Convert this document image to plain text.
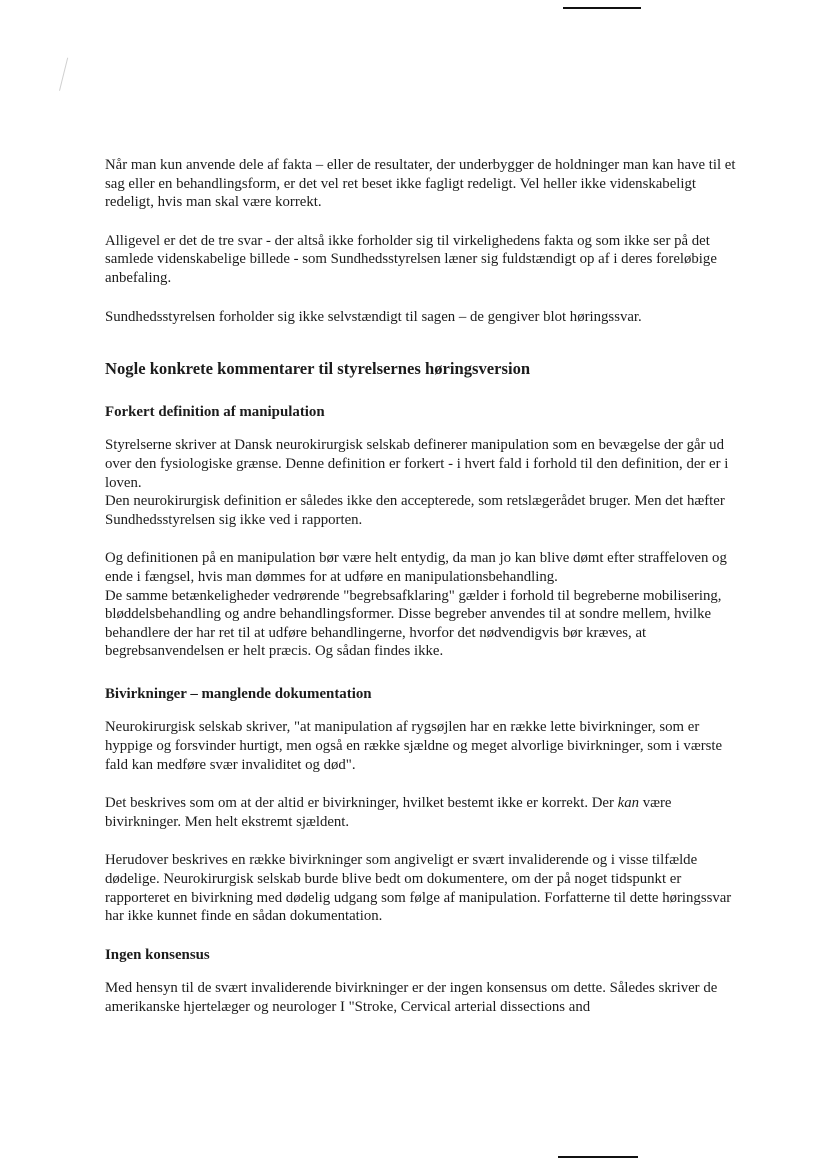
Når man kun anvende dele af fakta – eller de resultater, der underbygger de holdninger man kan have til et sag eller en behandlingsform, er det vel ret beset ikke fagligt redeligt. Vel heller ikke videnskabeligt redeligt, hvis man skal være korrekt.

Alligevel er det de tre svar - der altså ikke forholder sig til virkelighedens fakta og som ikke ser på det samlede videnskabelige billede - som Sundhedsstyrelsen læner sig fuldstændigt op af i deres foreløbige anbefaling.

Sundhedsstyrelsen forholder sig ikke selvstændigt til sagen – de gengiver blot høringssvar.

Nogle konkrete kommentarer til styrelsernes høringsversion
Forkert definition af manipulation

Styrelserne skriver at Dansk neurokirurgisk selskab definerer manipulation som en bevægelse der går ud over den fysiologiske grænse. Denne definition er forkert - i hvert fald i forhold til den definition, der er i loven.

Den neurokirurgisk definition er således ikke den accepterede, som retslægerådet bruger. Men det hæfter Sundhedsstyrelsen sig ikke ved i rapporten.

Og definitionen på en manipulation bør være helt entydig, da man jo kan blive dømt efter straffeloven og ende i fængsel, hvis man dømmes for at udføre en manipulationsbehandling.

De samme betænkeligheder vedrørende "begrebsafklaring" gælder i forhold til begreberne mobilisering, bløddelsbehandling og andre behandlingsformer. Disse begreber anvendes til at sondre mellem, hvilke behandlere der har ret til at udføre behandlingerne, hvorfor det nødvendigvis bør kræves, at begrebsanvendelsen er helt præcis. Og sådan findes ikke.

Bivirkninger – manglende dokumentation

Neurokirurgisk selskab skriver, "at manipulation af rygsøjlen har en række lette bivirkninger, som er hyppige og forsvinder hurtigt, men også en række sjældne og meget alvorlige bivirkninger, som i værste fald kan medføre svær invaliditet og død".

Det beskrives som om at der altid er bivirkninger, hvilket bestemt ikke er korrekt. Der kan være bivirkninger. Men helt ekstremt sjældent.

Herudover beskrives en række bivirkninger som angiveligt er svært invaliderende og i visse tilfælde dødelige. Neurokirurgisk selskab burde blive bedt om dokumentere, om der på noget tidspunkt er rapporteret en bivirkning med dødelig udgang som følge af manipulation. Forfatterne til dette høringssvar har ikke kunnet finde en sådan dokumentation.

Ingen konsensus

Med hensyn til de svært invaliderende bivirkninger er der ingen konsensus om dette. Således skriver de amerikanske hjertelæger og neurologer I "Stroke, Cervical arterial dissections and
